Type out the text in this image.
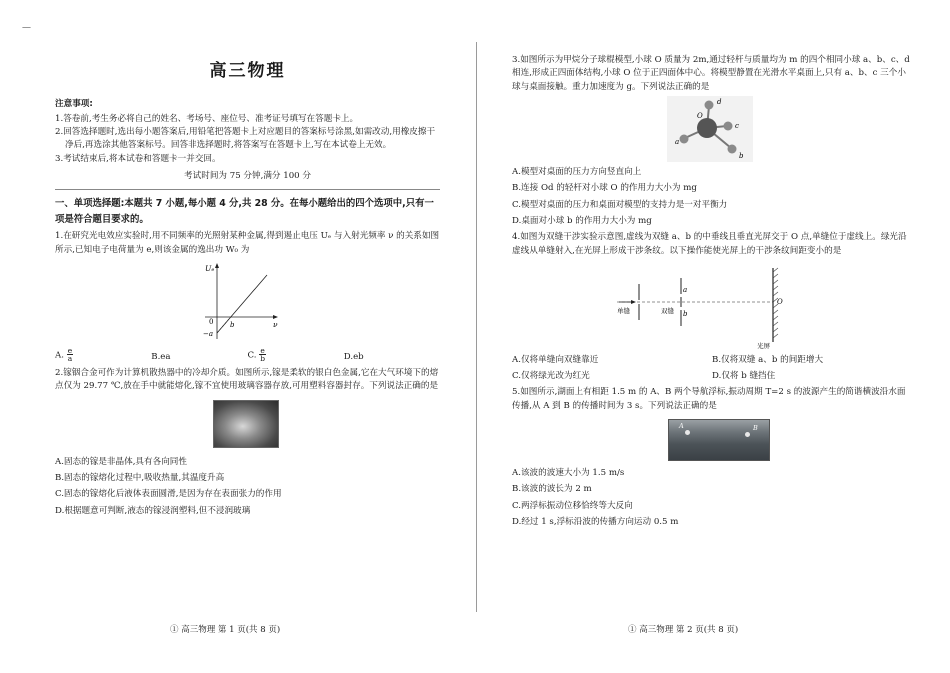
—
高三物理
注意事项:
1.答卷前,考生务必将自己的姓名、考场号、座位号、准考证号填写在答题卡上。
2.回答选择题时,选出每小题答案后,用铅笔把答题卡上对应题目的答案标号涂黑,如需改动,用橡皮擦干净后,再选涂其他答案标号。回答非选择题时,将答案写在答题卡上,写在本试卷上无效。
3.考试结束后,将本试卷和答题卡一并交回。
考试时间为 75 分钟,满分 100 分
一、单项选择题:本题共 7 小题,每小题 4 分,共 28 分。在每小题给出的四个选项中,只有一项是符合题目要求的。
1.在研究光电效应实验时,用不同频率的光照射某种金属,得到遏止电压 Uₑ 与入射光频率 ν 的关系如图所示,已知电子电荷量为 e,则该金属的逸出功 W₀ 为
Uₑ
ν
0
−a
b
A. $\frac{e}{a}$	B.ea	C. $\frac{e}{b}$	D.eb
2.镓铟合金可作为计算机散热器中的冷却介质。如图所示,镓是柔软的银白色金属,它在大气环境下的熔点仅为 29.77 ℃,放在手中就能熔化,镓不宜使用玻璃容器存放,可用塑料容器封存。下列说法正确的是
A.固态的镓是非晶体,具有各向同性
B.固态的镓熔化过程中,吸收热量,其温度升高
C.固态的镓熔化后液体表面圆滑,是因为存在表面张力的作用
D.根据题意可判断,液态的镓浸润塑料,但不浸润玻璃
3.如图所示为甲烷分子球棍模型,小球 O 质量为 2m,通过轻杆与质量均为 m 的四个相同小球 a、b、c、d 相连,形成正四面体结构,小球 O 位于正四面体中心。将模型静置在光滑水平桌面上,只有 a、b、c 三个小球与桌面接触。重力加速度为 g。下列说法正确的是
d
O
c
a
b
A.模型对桌面的压力方向竖直向上
B.连接 Od 的轻杆对小球 O 的作用力大小为 mg
C.模型对桌面的压力和桌面对模型的支持力是一对平衡力
D.桌面对小球 b 的作用力大小为 mg
4.如图为双缝干涉实验示意图,虚线为双缝 a、b 的中垂线且垂直光屏交于 O 点,单缝位于虚线上。绿光沿虚线从单缝射入,在光屏上形成干涉条纹。以下操作能使光屏上的干涉条纹间距变小的是
a
b
O
单缝	双缝
光屏
A.仅将单缝向双缝靠近	B.仅将双缝 a、b 的间距增大
C.仅将绿光改为红光	D.仅将 b 缝挡住
5.如图所示,湖面上有相距 1.5 m 的 A、B 两个导航浮标,振动周期 T=2 s 的波源产生的简谐横波沿水面传播,从 A 到 B 的传播时间为 3 s。下列说法正确的是
A	B
A.该波的波速大小为 1.5 m/s
B.该波的波长为 2 m
C.两浮标振动位移恰终等大反向
D.经过 1 s,浮标沿波的传播方向运动 0.5 m
① 高三物理 第 1 页(共 8 页)	① 高三物理 第 2 页(共 8 页)
